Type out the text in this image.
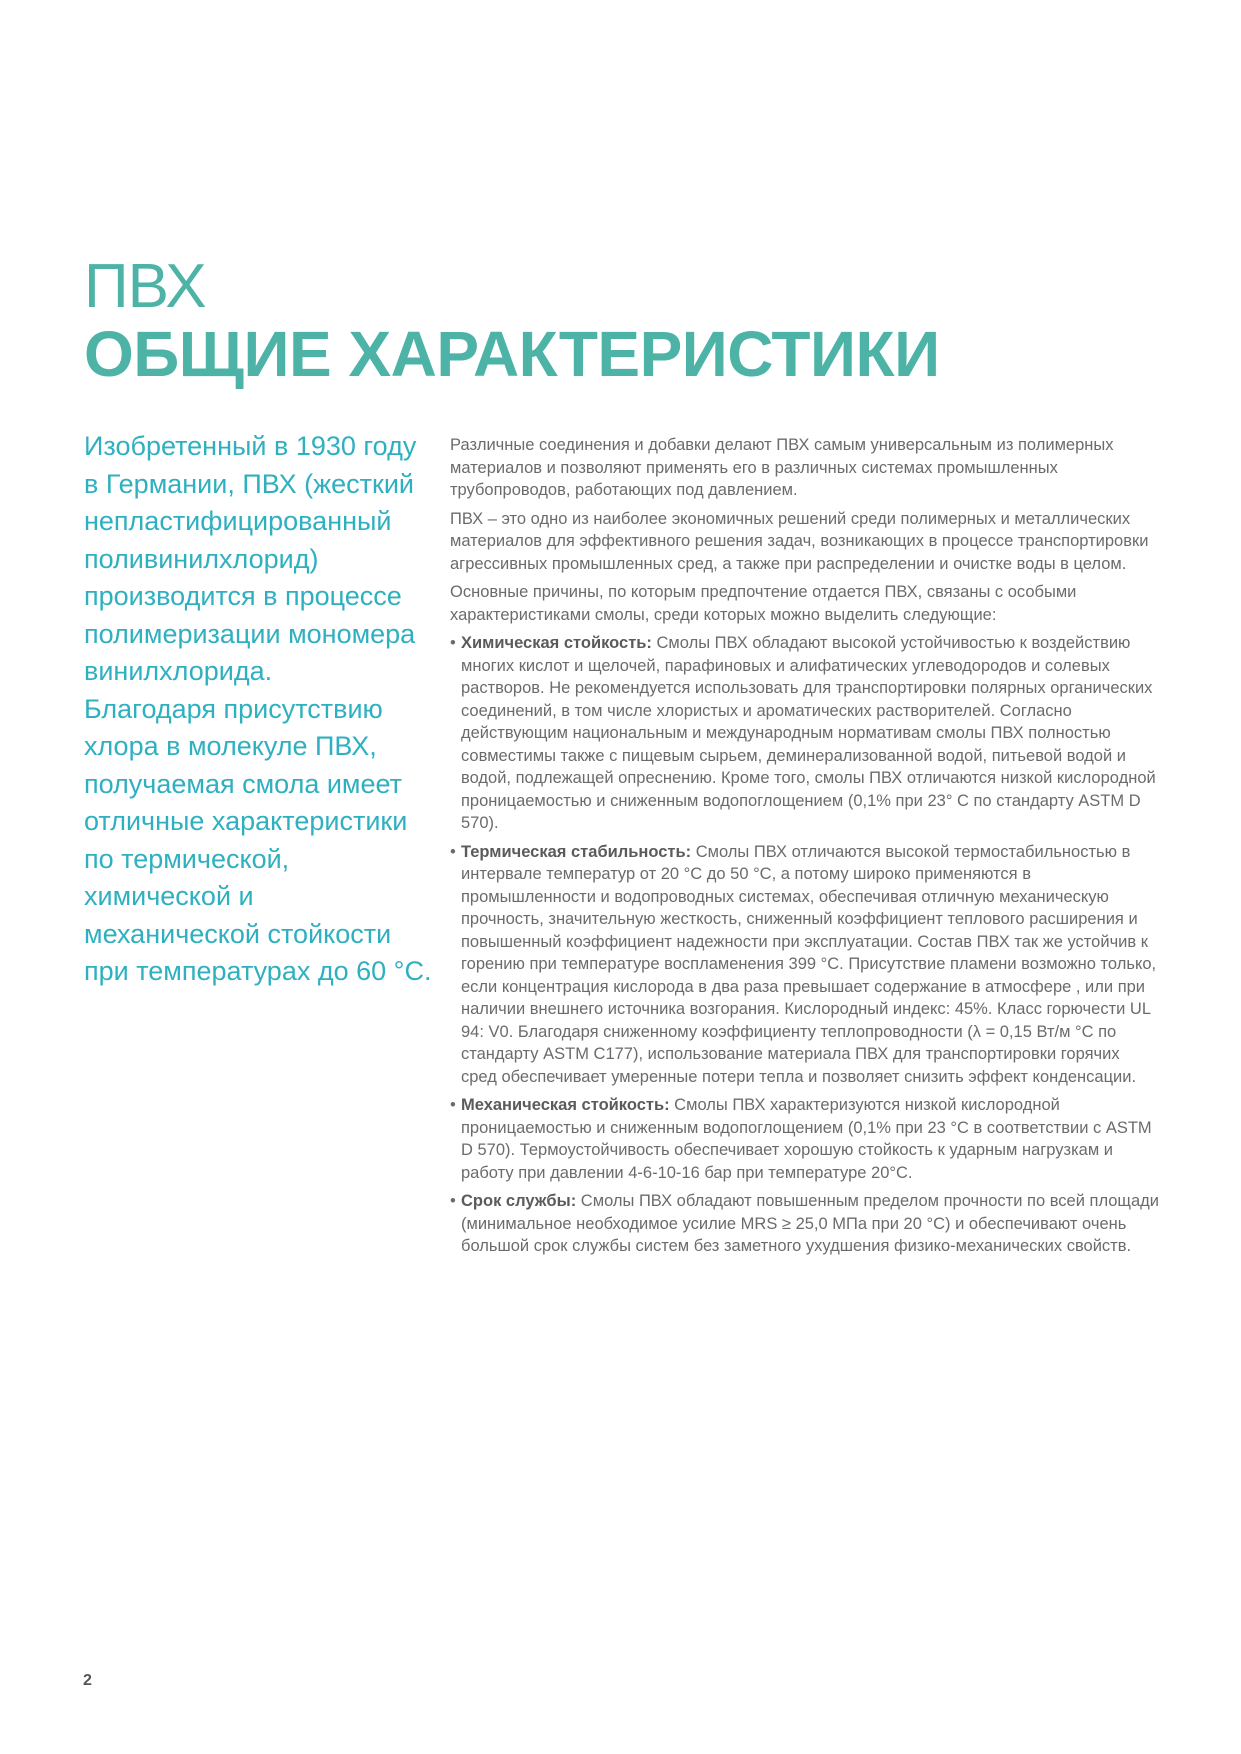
ПВХ
ОБЩИЕ ХАРАКТЕРИСТИКИ

Изобретенный в 1930 году в Германии, ПВХ (жесткий непластифицированный поливинилхлорид) производится в процессе полимеризации мономера винилхлорида.

Благодаря присутствию хлора в молекуле ПВХ, получаемая смола имеет отличные характеристики по термической, химической и механической стойкости при температурах до 60 °С.

Различные соединения и добавки делают ПВХ самым универсальным из полимерных материалов и позволяют применять его в различных системах промышленных трубопроводов, работающих под давлением.

ПВХ – это одно из наиболее экономичных решений среди полимерных и металлических материалов для эффективного решения задач, возникающих в процессе транспортировки агрессивных промышленных сред, а также при распределении и очистке воды в целом.

Основные причины, по которым предпочтение отдается ПВХ, связаны с особыми характеристиками смолы, среди которых можно выделить следующие:

• Химическая стойкость: Смолы ПВХ обладают высокой устойчивостью к воздействию многих кислот и щелочей, парафиновых и алифатических углеводородов и солевых растворов. Не рекомендуется использовать для транспортировки полярных органических соединений, в том числе хлористых и ароматических растворителей. Согласно действующим национальным и международным нормативам смолы ПВХ полностью совместимы также с пищевым сырьем, деминерализованной водой, питьевой водой и водой, подлежащей опреснению. Кроме того, смолы ПВХ отличаются низкой кислородной проницаемостью и сниженным водопоглощением (0,1% при 23° С по стандарту ASTM D 570).
• Термическая стабильность: Смолы ПВХ отличаются высокой термостабильностью в интервале температур от 20 °C до 50 °C, а потому широко применяются в промышленности и водопроводных системах, обеспечивая отличную механическую прочность, значительную жесткость, сниженный коэффициент теплового расширения и повышенный коэффициент надежности при эксплуатации. Состав ПВХ так же устойчив к горению при температуре воспламенения 399 °С. Присутствие пламени возможно только, если концентрация кислорода в два раза превышает содержание в атмосфере , или при наличии внешнего источника возгорания. Кислородный индекс: 45%. Класс горючести UL 94: V0. Благодаря сниженному коэффициенту теплопроводности (λ = 0,15 Вт/м °C по стандарту ASTM C177), использование материала ПВХ для транспортировки горячих сред обеспечивает умеренные потери тепла и позволяет снизить эффект конденсации.
• Механическая стойкость: Смолы ПВХ характеризуются низкой кислородной проницаемостью и сниженным водопоглощением (0,1% при 23 °C в соответствии с ASTM D 570). Термоустойчивость обеспечивает хорошую стойкость к ударным нагрузкам и работу при давлении 4-6-10-16 бар при температуре 20°C.
• Срок службы: Смолы ПВХ обладают повышенным пределом прочности по всей площади (минимальное необходимое усилие MRS ≥ 25,0 МПа при 20 °C) и обеспечивают очень большой срок службы систем без заметного ухудшения физико-механических свойств.
2
